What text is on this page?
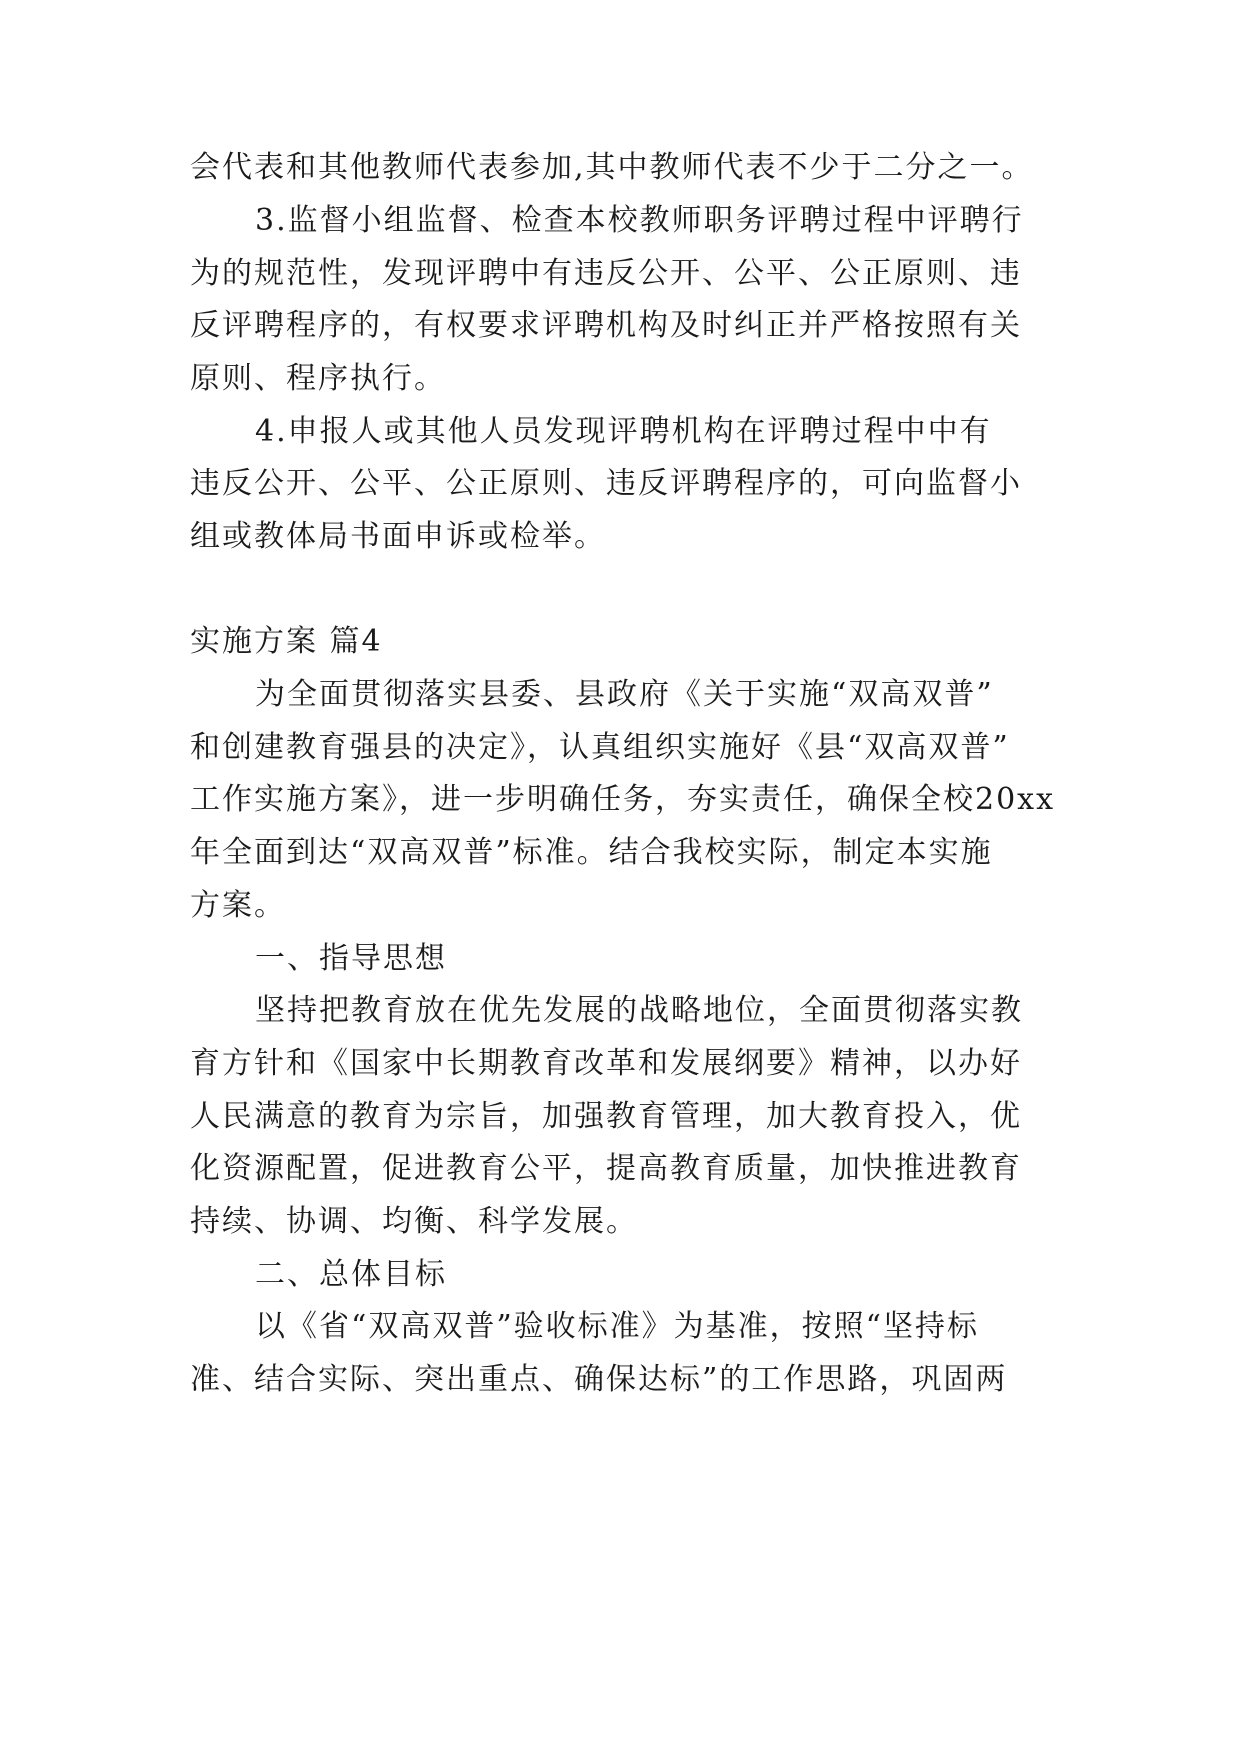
会代表和其他教师代表参加,其中教师代表不少于二分之一。
3.监督小组监督、检查本校教师职务评聘过程中评聘行
为的规范性，发现评聘中有违反公开、公平、公正原则、违
反评聘程序的，有权要求评聘机构及时纠正并严格按照有关
原则、程序执行。
4.申报人或其他人员发现评聘机构在评聘过程中中有
违反公开、公平、公正原则、违反评聘程序的，可向监督小
组或教体局书面申诉或检举。
实施方案 篇4
为全面贯彻落实县委、县政府《关于实施“双高双普”
和创建教育强县的决定》，认真组织实施好《县“双高双普”
工作实施方案》，进一步明确任务，夯实责任，确保全校20xx
年全面到达“双高双普”标准。结合我校实际，制定本实施
方案。
一、指导思想
坚持把教育放在优先发展的战略地位，全面贯彻落实教
育方针和《国家中长期教育改革和发展纲要》精神，以办好
人民满意的教育为宗旨，加强教育管理，加大教育投入，优
化资源配置，促进教育公平，提高教育质量，加快推进教育
持续、协调、均衡、科学发展。
二、总体目标
以《省“双高双普”验收标准》为基准，按照“坚持标
准、结合实际、突出重点、确保达标”的工作思路，巩固两
